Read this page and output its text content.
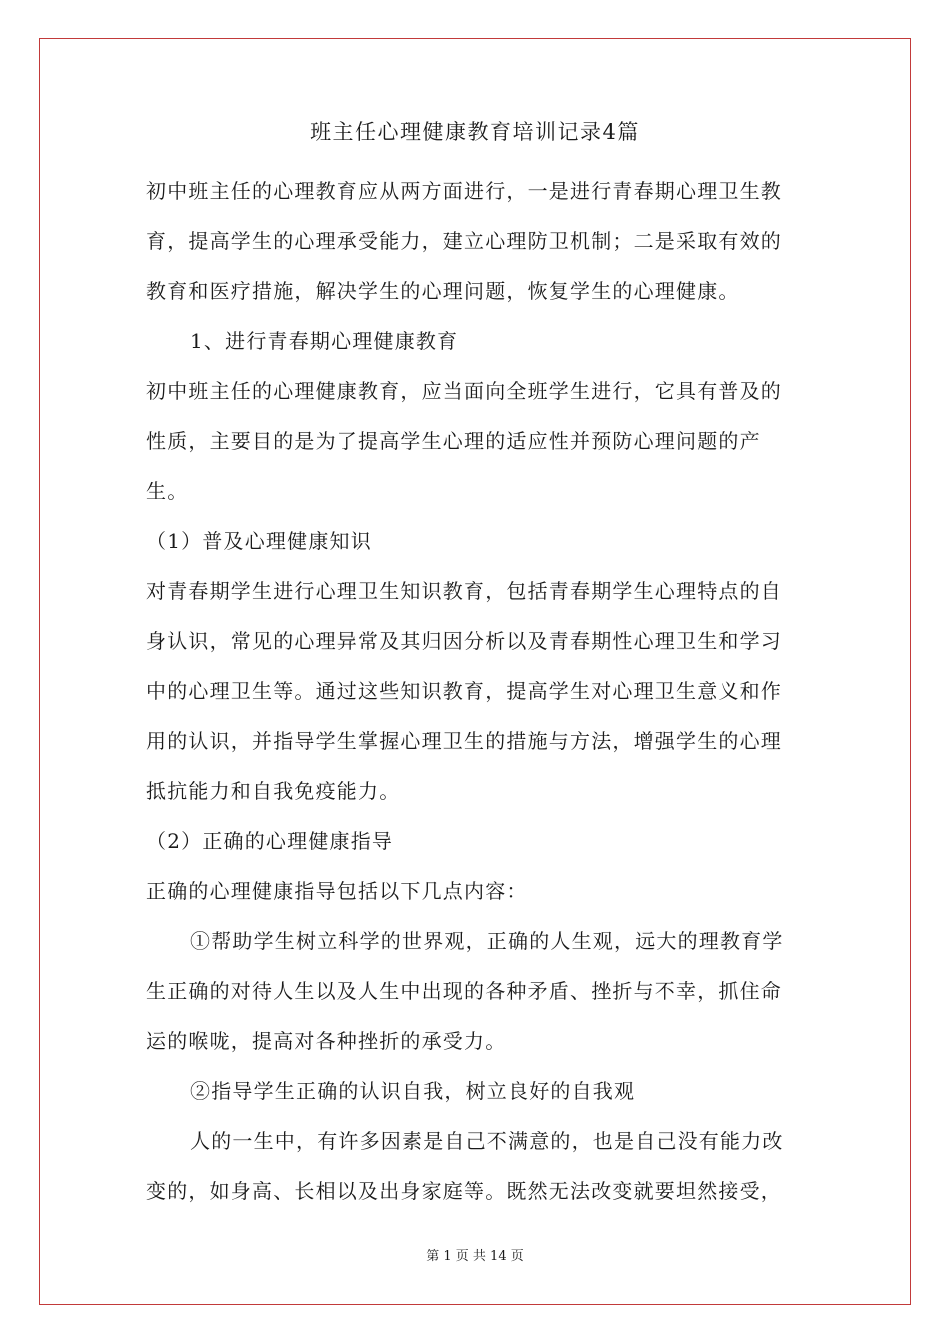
班主任心理健康教育培训记录4篇

初中班主任的心理教育应从两方面进行，一是进行青春期心理卫生教

育，提高学生的心理承受能力，建立心理防卫机制；二是采取有效的

教育和医疗措施，解决学生的心理问题，恢复学生的心理健康。

1、进行青春期心理健康教育

初中班主任的心理健康教育，应当面向全班学生进行，它具有普及的

性质，主要目的是为了提高学生心理的适应性并预防心理问题的产

生。

（1）普及心理健康知识

对青春期学生进行心理卫生知识教育，包括青春期学生心理特点的自

身认识，常见的心理异常及其归因分析以及青春期性心理卫生和学习

中的心理卫生等。通过这些知识教育，提高学生对心理卫生意义和作

用的认识，并指导学生掌握心理卫生的措施与方法，增强学生的心理

抵抗能力和自我免疫能力。

（2）正确的心理健康指导

正确的心理健康指导包括以下几点内容：

①帮助学生树立科学的世界观，正确的人生观，远大的理教育学

生正确的对待人生以及人生中出现的各种矛盾、挫折与不幸，抓住命

运的喉咙，提高对各种挫折的承受力。

②指导学生正确的认识自我，树立良好的自我观

人的一生中，有许多因素是自己不满意的，也是自己没有能力改

变的，如身高、长相以及出身家庭等。既然无法改变就要坦然接受，

第 1 页 共 14 页
